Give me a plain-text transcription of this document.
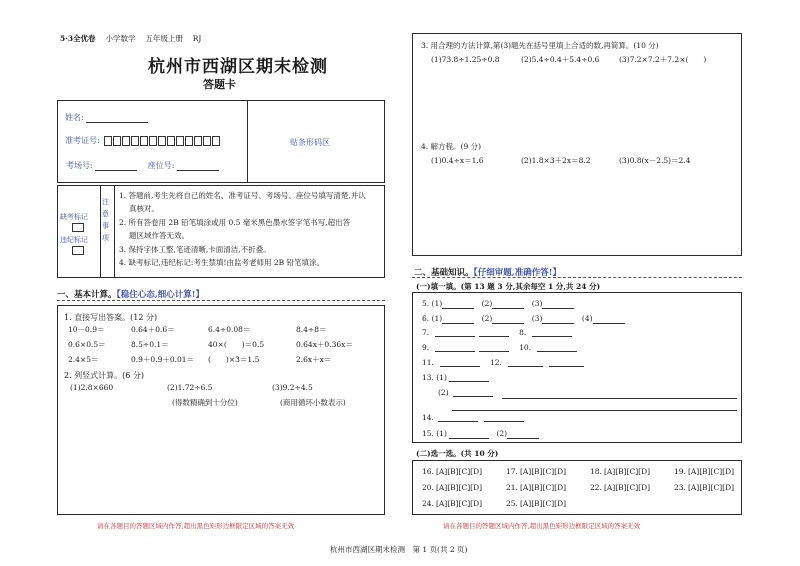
5·3全优卷　 小学数学　 五年级上册　 RJ
杭州市西湖区期末检测
答题卡
姓名:
准考证号:
考场号:	座位号:
贴条形码区
缺考标记
违纪标记
注
意
事
项
1. 答题前,考生先将自己的姓名、准考证号、考场号、座位号填写清楚,并认
真核对。
2. 所有答卷用 2B 铅笔填涂或用 0.5 毫米黑色墨水签字笔书写,超出答
题区域作答无效。
3. 保持字体工整,笔迹清晰,卡面清洁,不折叠。
4. 缺考标记,违纪标记:考生禁填!由监考老师用 2B 铅笔填涂。
一、基本计算。【稳住心态,细心计算!】
1. 直接写出答案。(12 分)
10－0.9＝	0.64＋0.6＝	6.4÷0.08＝	8.4÷8＝
0.6×0.5＝	8.5÷0.1＝	40×(　　)＝0.5	0.64x＋0.36x＝
2.4×5＝	0.9＋0.9＋0.01＝ (　　)×3＝1.5	2.6x＋x＝
2. 列竖式计算。(6 分)
(1)2.8×660	(2)1.72÷6.5	(3)9.2÷4.5
(得数精确到十分位)	(商用循环小数表示)
3. 用合理的方法计算,第(3)题先在括号里填上合适的数,再简算。(10 分)
(1)73.8÷1.25÷0.8	(2)5.4÷0.4＋5.4÷0.6	(3)7.2×7.2＋7.2×(　　)
4. 解方程。(9 分)
(1)0.4÷x＝1.6	(2)1.8×3＋2x＝8.2	(3)0.8(x－2.5)＝2.4
二、基础知识。【仔细审题,准确作答!】
(一)填一填。(第 13 题 3 分,其余每空 1 分,共 24 分)
5. (1)　	(2)　	(3)
6. (1)　	(2)　	(3)　	(4)
7.	8.
9.	10.
11.	12.
13. (1)
(2)
14.
15. (1)　	(2)
(二)选一选。(共 10 分)
16. [A][B][C][D]	17. [A][B][C][D]	18. [A][B][C][D]	19. [A][B][C][D]
20. [A][B][C][D]	21. [A][B][C][D]	22. [A][B][C][D]	23. [A][B][C][D]
24. [A][B][C][D]	25. [A][B][C][D]
请在各题目的答题区域内作答,超出黑色矩形边框限定区域的答案无效	请在各题目的答题区域内作答,超出黑色矩形边框限定区域的答案无效
杭州市西湖区期末检测　第 1 页(共 2 页)
